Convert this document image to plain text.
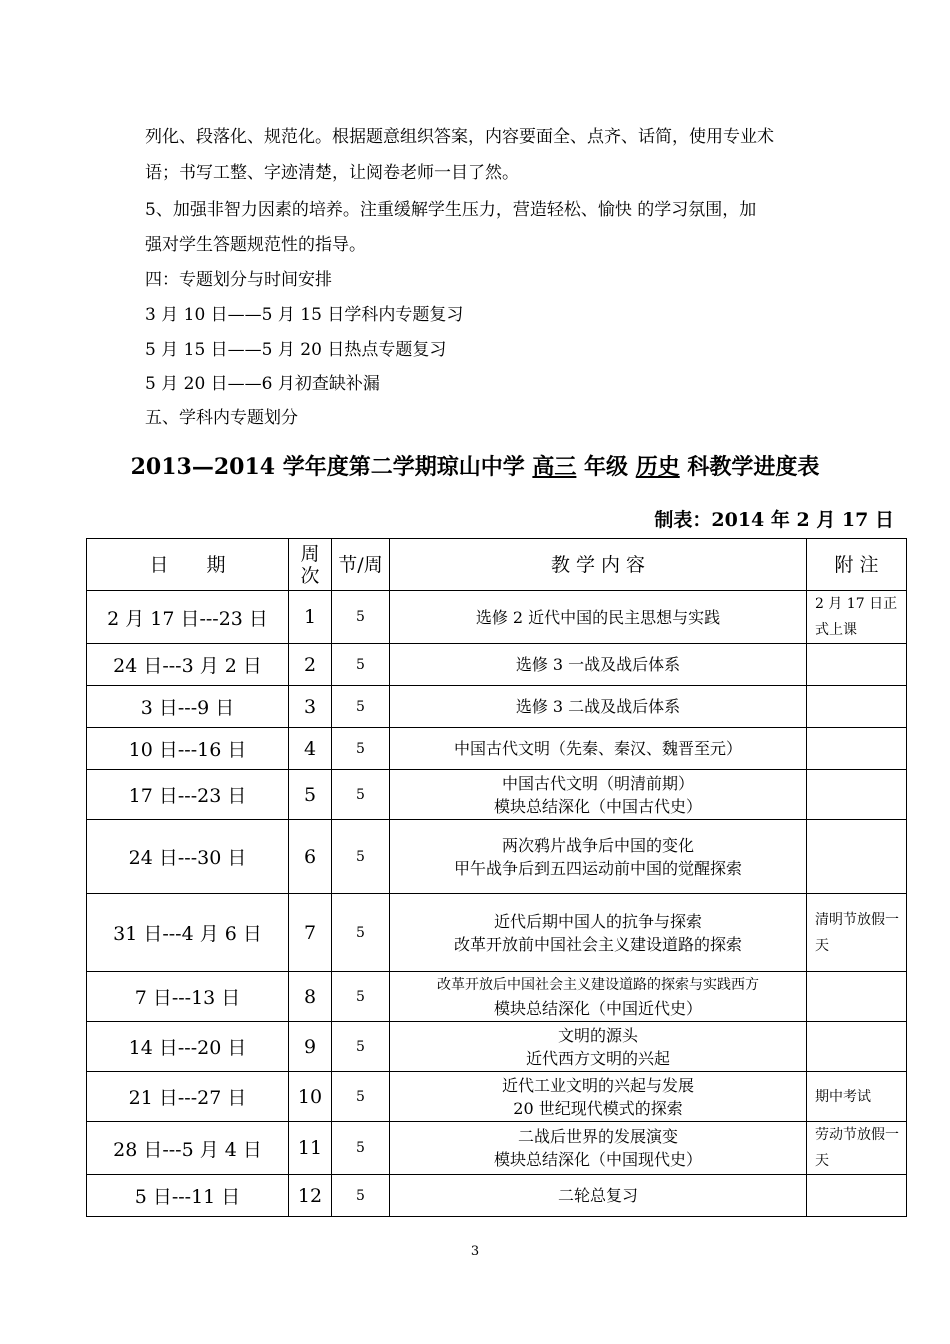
列化、段落化、规范化。根据题意组织答案，内容要面全、点齐、话简，使用专业术
语；书写工整、字迹清楚，让阅卷老师一目了然。
5、加强非智力因素的培养。注重缓解学生压力，营造轻松、愉快 的学习氛围，加
强对学生答题规范性的指导。
四：专题划分与时间安排
3 月 10 日——5 月 15 日学科内专题复习
5 月 15 日——5 月 20 日热点专题复习
5 月 20 日——6 月初查缺补漏
五、学科内专题划分
2013—2014 学年度第二学期琼山中学 高三 年级 历史 科教学进度表
制表：2014 年 2 月 17 日
日　　期	周次	节/周	教 学 内 容	附 注
2 月 17 日---23 日	1	5	选修 2 近代中国的民主思想与实践	2 月 17 日正式上课
24 日---3 月 2 日	2	5	选修 3 一战及战后体系	

3 日---9 日	3	5	选修 3 二战及战后体系	

10 日---16 日	4	5	中国古代文明（先秦、秦汉、魏晋至元）	

17 日---23 日	5	5	中国古代文明（明清前期）
模块总结深化（中国古代史）	

24 日---30 日	6	5	两次鸦片战争后中国的变化
甲午战争后到五四运动前中国的觉醒探索	

31 日---4 月 6 日	7	5	近代后期中国人的抗争与探索
改革开放前中国社会主义建设道路的探索	清明节放假一天
7 日---13 日	8	5	改革开放后中国社会主义建设道路的探索与实践西方
模块总结深化（中国近代史）	

14 日---20 日	9	5	文明的源头
近代西方文明的兴起	

21 日---27 日	10	5	近代工业文明的兴起与发展
20 世纪现代模式的探索	期中考试
28 日---5 月 4 日	11	5	二战后世界的发展演变
模块总结深化（中国现代史）	劳动节放假一天
5 日---11 日	12	5	二轮总复习	

3
